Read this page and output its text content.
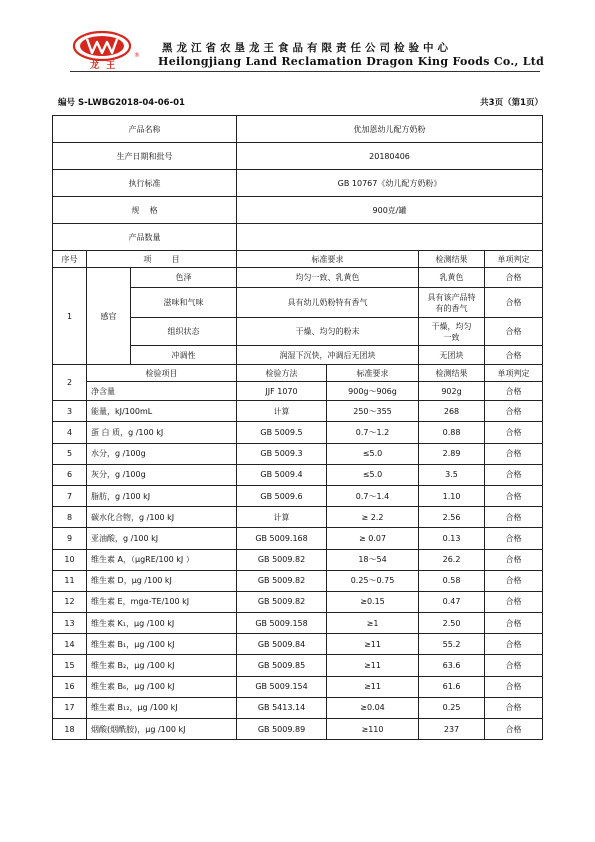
龙 王
®
黑龙江省农垦龙王食品有限责任公司检验中心
Heilongjiang Land Reclamation Dragon King Foods Co., Ltd
编号 S-LWBG2018-04-06-01	共3页（第1页）
产品名称			优加恩幼儿配方奶粉			
生产日期和批号			20180406			
执行标准			GB 10767《幼儿配方奶粉》			
规    格			900克/罐			
产品数量						
序号	项        目		标准要求		检测结果	单项判定
1	感官	色泽	均匀一致、乳黄色		乳黄色	合格
		滋味和气味	具有幼儿奶粉特有香气		具有该产品特有的香气	合格
		组织状态	干燥、均匀的粉末		干燥，均匀一致	合格
		冲调性	润湿下沉快，冲调后无团块		无团块	合格
2	检验项目		检验方法	标准要求	检测结果	单项判定
	净含量		JJF 1070	900g～906g	902g	合格
3	能量，kJ/100mL		计算	250～355	268	合格
4	蛋 白 质，g /100 kJ		GB 5009.5	0.7～1.2	0.88	合格
5	水分，g /100g		GB 5009.3	≤5.0	2.89	合格
6	灰分，g /100g		GB 5009.4	≤5.0	3.5	合格
7	脂肪，g /100 kJ		GB 5009.6	0.7～1.4	1.10	合格
8	碳水化合物，g /100 kJ		计算	≥ 2.2	2.56	合格
9	亚油酸，g /100 kJ		GB 5009.168	≥ 0.07	0.13	合格
10	维生素 A，（μgRE/100 kJ ）		GB 5009.82	18～54	26.2	合格
11	维生素 D，μg /100 kJ		GB 5009.82	0.25～0.75	0.58	合格
12	维生素 E，mgα-TE/100 kJ		GB 5009.82	≥0.15	0.47	合格
13	维生素 K₁，μg /100 kJ		GB 5009.158	≥1	2.50	合格
14	维生素 B₁，μg /100 kJ		GB 5009.84	≥11	55.2	合格
15	维生素 B₂，μg /100 kJ		GB 5009.85	≥11	63.6	合格
16	维生素 B₆，μg /100 kJ		GB 5009.154	≥11	61.6	合格
17	维生素 B₁₂，μg /100 kJ		GB 5413.14	≥0.04	0.25	合格
18	烟酸(烟酰胺)，μg /100 kJ		GB 5009.89	≥110	237	合格
